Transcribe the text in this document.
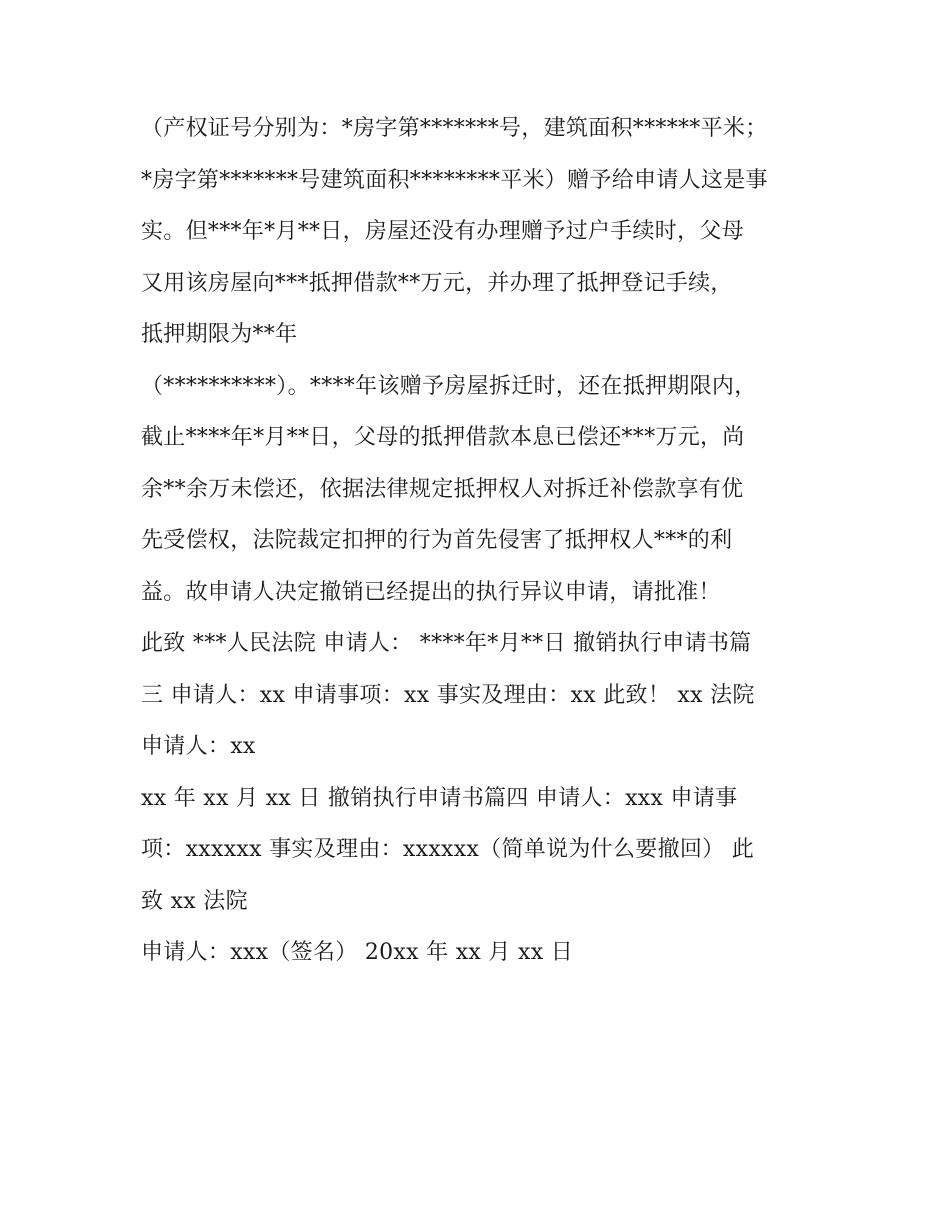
（产权证号分别为：*房字第*******号，建筑面积******平米；
*房字第*******号建筑面积********平米）赠予给申请人这是事
实。但***年*月**日，房屋还没有办理赠予过户手续时，父母
又用该房屋向***抵押借款**万元，并办理了抵押登记手续，
抵押期限为**年
（**********）。****年该赠予房屋拆迁时，还在抵押期限内，
截止****年*月**日，父母的抵押借款本息已偿还***万元，尚
余**余万未偿还，依据法律规定抵押权人对拆迁补偿款享有优
先受偿权，法院裁定扣押的行为首先侵害了抵押权人***的利
益。故申请人决定撤销已经提出的执行异议申请，请批准！
此致 ***人民法院 申请人： ****年*月**日 撤销执行申请书篇
三 申请人：xx 申请事项：xx 事实及理由：xx 此致！ xx 法院
申请人：xx
xx 年 xx 月 xx 日 撤销执行申请书篇四 申请人：xxx 申请事
项：xxxxxx 事实及理由：xxxxxx（简单说为什么要撤回） 此
致 xx 法院
申请人：xxx（签名） 20xx 年 xx 月 xx 日
